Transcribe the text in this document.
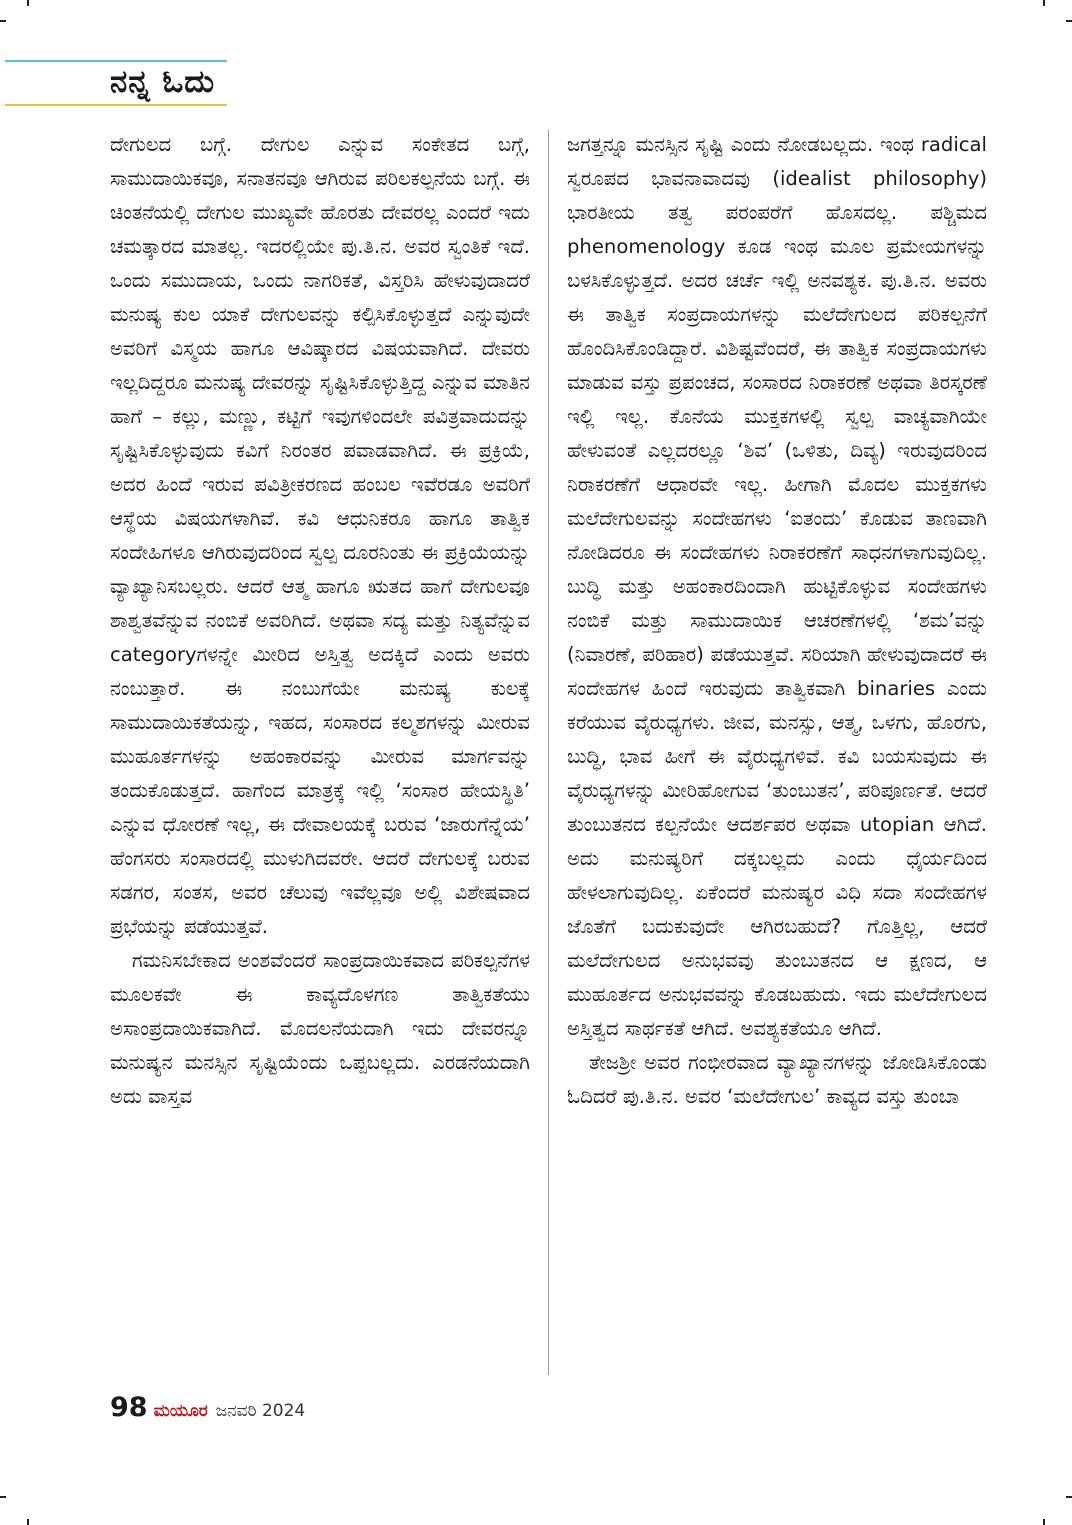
ನನ್ನ ಓದು

ದೇಗುಲದ ಬಗ್ಗೆ. ದೇಗುಲ ಎನ್ನುವ ಸಂಕೇತದ ಬಗ್ಗೆ, ಸಾಮುದಾಯಿಕವೂ, ಸನಾತನವೂ ಆಗಿರುವ ಪರಿಲಕಲ್ಪನೆಯ ಬಗ್ಗೆ. ಈ ಚಿಂತನೆಯಲ್ಲಿ ದೇಗುಲ ಮುಖ್ಯವೇ ಹೊರತು ದೇವರಲ್ಲ ಎಂದರೆ ಇದು ಚಮತ್ಕಾರದ ಮಾತಲ್ಲ. ಇದರಲ್ಲಿಯೇ ಪು.ತಿ.ನ. ಅವರ ಸ್ವಂತಿಕೆ ಇದೆ. ಒಂದು ಸಮುದಾಯ, ಒಂದು ನಾಗರಿಕತೆ, ವಿಸ್ತರಿಸಿ ಹೇಳುವುದಾದರೆ ಮನುಷ್ಯ ಕುಲ ಯಾಕೆ ದೇಗುಲವನ್ನು ಕಲ್ಪಿಸಿಕೊಳ್ಳುತ್ತದೆ ಎನ್ನುವುದೇ ಅವರಿಗೆ ವಿಸ್ಮಯ ಹಾಗೂ ಆವಿಷ್ಕಾರದ ವಿಷಯವಾಗಿದೆ. ದೇವರು ಇಲ್ಲದಿದ್ದರೂ ಮನುಷ್ಯ ದೇವರನ್ನು ಸೃಷ್ಟಿಸಿಕೊಳ್ಳುತ್ತಿದ್ದ ಎನ್ನುವ ಮಾತಿನ ಹಾಗೆ – ಕಲ್ಲು, ಮಣ್ಣು, ಕಟ್ಟಿಗೆ ಇವುಗಳಿಂದಲೇ ಪವಿತ್ರವಾದುದನ್ನು ಸೃಷ್ಟಿಸಿಕೊಳ್ಳುವುದು ಕವಿಗೆ ನಿರಂತರ ಪವಾಡವಾಗಿದೆ. ಈ ಪ್ರಕ್ರಿಯೆ, ಅದರ ಹಿಂದೆ ಇರುವ ಪವಿತ್ರೀಕರಣದ ಹಂಬಲ ಇವೆರಡೂ ಅವರಿಗೆ ಆಸ್ಥೆಯ ವಿಷಯಗಳಾಗಿವೆ. ಕವಿ ಆಧುನಿಕರೂ ಹಾಗೂ ತಾತ್ವಿಕ ಸಂದೇಹಿಗಳೂ ಆಗಿರುವುದರಿಂದ ಸ್ವಲ್ಪ ದೂರನಿಂತು ಈ ಪ್ರಕ್ರಿಯೆಯನ್ನು ವ್ಯಾಖ್ಯಾನಿಸಬಲ್ಲರು. ಆದರೆ ಆತ್ಮ ಹಾಗೂ ಋತದ ಹಾಗೆ ದೇಗುಲವೂ ಶಾಶ್ವತವೆನ್ನುವ ನಂಬಿಕೆ ಅವರಿಗಿದೆ. ಅಥವಾ ಸದ್ಯ ಮತ್ತು ನಿತ್ಯವೆನ್ನುವ categoryಗಳನ್ನೇ ಮೀರಿದ ಅಸ್ತಿತ್ವ ಅದಕ್ಕಿದೆ ಎಂದು ಅವರು ನಂಬುತ್ತಾರೆ. ಈ ನಂಬುಗೆಯೇ ಮನುಷ್ಯ ಕುಲಕ್ಕೆ ಸಾಮುದಾಯಿಕತೆಯನ್ನು, ಇಹದ, ಸಂಸಾರದ ಕಲ್ಮಶಗಳನ್ನು ಮೀರುವ ಮುಹೂರ್ತಗಳನ್ನು ಅಹಂಕಾರವನ್ನು ಮೀರುವ ಮಾರ್ಗವನ್ನು ತಂದುಕೊಡುತ್ತದೆ. ಹಾಗೆಂದ ಮಾತ್ರಕ್ಕೆ ಇಲ್ಲಿ ‘ಸಂಸಾರ ಹೇಯಸ್ಥಿತಿ’ ಎನ್ನುವ ಧೋರಣೆ ಇಲ್ಲ, ಈ ದೇವಾಲಯಕ್ಕೆ ಬರುವ ‘ಜಾರುಗೆನ್ನೆಯ’ ಹೆಂಗಸರು ಸಂಸಾರದಲ್ಲಿ ಮುಳುಗಿದವರೇ. ಆದರೆ ದೇಗುಲಕ್ಕೆ ಬರುವ ಸಡಗರ, ಸಂತಸ, ಅವರ ಚೆಲುವು ಇವೆಲ್ಲವೂ ಅಲ್ಲಿ ವಿಶೇಷವಾದ ಪ್ರಭೆಯನ್ನು ಪಡೆಯುತ್ತವೆ.

ಗಮನಿಸಬೇಕಾದ ಅಂಶವೆಂದರೆ ಸಾಂಪ್ರದಾಯಿಕವಾದ ಪರಿಕಲ್ಪನೆಗಳ ಮೂಲಕವೇ ಈ ಕಾವ್ಯದೊಳಗಣ ತಾತ್ವಿಕತೆಯು ಅಸಾಂಪ್ರದಾಯಿಕವಾಗಿದೆ. ಮೊದಲನೆಯದಾಗಿ ಇದು ದೇವರನ್ನೂ ಮನುಷ್ಯನ ಮನಸ್ಸಿನ ಸೃಷ್ಟಿಯೆಂದು ಒಪ್ಪಬಲ್ಲದು. ಎರಡನೆಯದಾಗಿ ಅದು ವಾಸ್ತವ

ಜಗತ್ತನ್ನೂ ಮನಸ್ಸಿನ ಸೃಷ್ಟಿ ಎಂದು ನೋಡಬಲ್ಲದು. ಇಂಥ radical ಸ್ವರೂಪದ ಭಾವನಾವಾದವು (idealist philosophy) ಭಾರತೀಯ ತತ್ವ ಪರಂಪರೆಗೆ ಹೊಸದಲ್ಲ. ಪಶ್ಚಿಮದ phenomenology ಕೂಡ ಇಂಥ ಮೂಲ ಪ್ರಮೇಯಗಳನ್ನು ಬಳಸಿಕೊಳ್ಳುತ್ತದೆ. ಅದರ ಚರ್ಚೆ ಇಲ್ಲಿ ಅನವಶ್ಯಕ. ಪು.ತಿ.ನ. ಅವರು ಈ ತಾತ್ವಿಕ ಸಂಪ್ರದಾಯಗಳನ್ನು ಮಲೆದೇಗುಲದ ಪರಿಕಲ್ಪನೆಗೆ ಹೊಂದಿಸಿಕೊಂಡಿದ್ದಾರೆ. ವಿಶಿಷ್ಟವೆಂದರೆ, ಈ ತಾತ್ವಿಕ ಸಂಪ್ರದಾಯಗಳು ಮಾಡುವ ವಸ್ತು ಪ್ರಪಂಚದ, ಸಂಸಾರದ ನಿರಾಕರಣೆ ಅಥವಾ ತಿರಸ್ಕರಣೆ ಇಲ್ಲಿ ಇಲ್ಲ. ಕೊನೆಯ ಮುಕ್ತಕಗಳಲ್ಲಿ ಸ್ವಲ್ಪ ವಾಚ್ಯವಾಗಿಯೇ ಹೇಳುವಂತೆ ಎಲ್ಲದರಲ್ಲೂ ‘ಶಿವ’ (ಒಳಿತು, ದಿವ್ಯ) ಇರುವುದರಿಂದ ನಿರಾಕರಣೆಗೆ ಆಧಾರವೇ ಇಲ್ಲ. ಹೀಗಾಗಿ ಮೊದಲ ಮುಕ್ತಕಗಳು ಮಲೆದೇಗುಲವನ್ನು ಸಂದೇಹಗಳು ‘ಐತಂದು’ ಕೊಡುವ ತಾಣವಾಗಿ ನೋಡಿದರೂ ಈ ಸಂದೇಹಗಳು ನಿರಾಕರಣೆಗೆ ಸಾಧನಗಳಾಗುವುದಿಲ್ಲ. ಬುದ್ಧಿ ಮತ್ತು ಅಹಂಕಾರದಿಂದಾಗಿ ಹುಟ್ಟಿಕೊಳ್ಳುವ ಸಂದೇಹಗಳು ನಂಬಿಕೆ ಮತ್ತು ಸಾಮುದಾಯಿಕ ಆಚರಣೆಗಳಲ್ಲಿ ‘ಶಮ’ವನ್ನು (ನಿವಾರಣೆ, ಪರಿಹಾರ) ಪಡೆಯುತ್ತವೆ. ಸರಿಯಾಗಿ ಹೇಳುವುದಾದರೆ ಈ ಸಂದೇಹಗಳ ಹಿಂದೆ ಇರುವುದು ತಾತ್ವಿಕವಾಗಿ binaries ಎಂದು ಕರೆಯುವ ವೈರುಧ್ಯಗಳು. ಜೀವ, ಮನಸ್ಸು, ಆತ್ಮ, ಒಳಗು, ಹೊರಗು, ಬುದ್ಧಿ, ಭಾವ ಹೀಗೆ ಈ ವೈರುಧ್ಯಗಳಿವೆ. ಕವಿ ಬಯಸುವುದು ಈ ವೈರುಧ್ಯಗಳನ್ನು ಮೀರಿಹೋಗುವ ‘ತುಂಬುತನ’, ಪರಿಪೂರ್ಣತೆ. ಆದರೆ ತುಂಬುತನದ ಕಲ್ಪನೆಯೇ ಆದರ್ಶಪರ ಅಥವಾ utopian ಆಗಿದೆ. ಅದು ಮನುಷ್ಯರಿಗೆ ದಕ್ಕಬಲ್ಲದು ಎಂದು ಧೈರ್ಯದಿಂದ ಹೇಳಲಾಗುವುದಿಲ್ಲ. ಏಕೆಂದರೆ ಮನುಷ್ಯರ ವಿಧಿ ಸದಾ ಸಂದೇಹಗಳ ಜೊತೆಗೆ ಬದುಕುವುದೇ ಆಗಿರಬಹುದೆ? ಗೊತ್ತಿಲ್ಲ, ಆದರೆ ಮಲೆದೇಗುಲದ ಅನುಭವವು ತುಂಬುತನದ ಆ ಕ್ಷಣದ, ಆ ಮುಹೂರ್ತದ ಅನುಭವವನ್ನು ಕೊಡಬಹುದು. ಇದು ಮಲೆದೇಗುಲದ ಅಸ್ತಿತ್ವದ ಸಾರ್ಥಕತೆ ಆಗಿದೆ. ಅವಶ್ಯಕತೆಯೂ ಆಗಿದೆ.

ತೇಜಶ್ರೀ ಅವರ ಗಂಭೀರವಾದ ವ್ಯಾಖ್ಯಾನಗಳನ್ನು ಜೋಡಿಸಿಕೊಂಡು ಓದಿದರೆ ಪು.ತಿ.ನ. ಅವರ ‘ಮಲೆದೇಗುಲ’ ಕಾವ್ಯದ ವಸ್ತು ತುಂಬಾ

98 ಮಯೂರ ಜನವರಿ 2024
